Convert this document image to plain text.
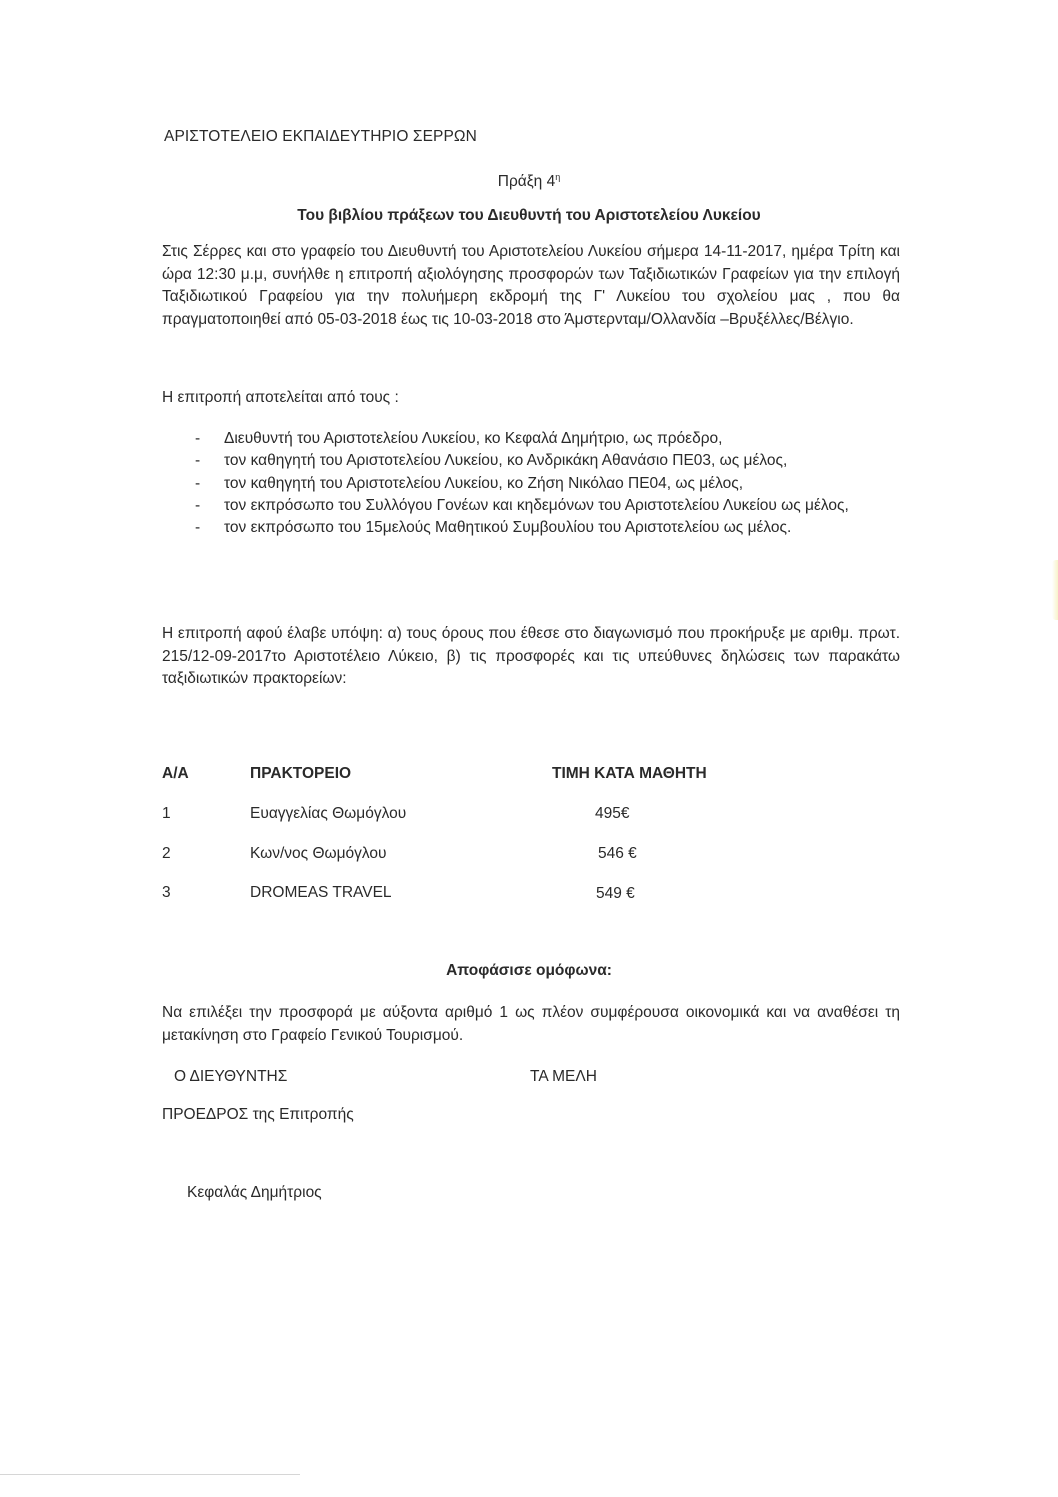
ΑΡΙΣΤΟΤΕΛΕΙΟ ΕΚΠΑΙΔΕΥΤΗΡΙΟ ΣΕΡΡΩΝ
Πράξη $4^\eta$
Του βιβλίου πράξεων του Διευθυντή του Αριστοτελείου Λυκείου
Στις Σέρρες και στο γραφείο του Διευθυντή του Αριστοτελείου Λυκείου σήμερα 14-11-2017, ημέρα Τρίτη και ώρα 12:30 μ.μ, συνήλθε η επιτροπή αξιολόγησης προσφορών των Ταξιδιωτικών Γραφείων για την επιλογή Ταξιδιωτικού Γραφείου για την πολυήμερη εκδρομή της Γ' Λυκείου του σχολείου μας , που θα πραγματοποιηθεί από 05-03-2018 έως τις 10-03-2018 στο Άμστερνταμ/Ολλανδία –Βρυξέλλες/Βέλγιο.
Η επιτροπή αποτελείται από τους :
- Διευθυντή του Αριστοτελείου Λυκείου, κο Κεφαλά Δημήτριο, ως πρόεδρο,
- τον καθηγητή του Αριστοτελείου Λυκείου, κο Ανδρικάκη Αθανάσιο ΠΕ03, ως μέλος,
- τον καθηγητή του Αριστοτελείου Λυκείου, κο Ζήση Νικόλαο ΠΕ04, ως μέλος,
- τον εκπρόσωπο του Συλλόγου Γονέων και κηδεμόνων του Αριστοτελείου Λυκείου ως μέλος,
- τον εκπρόσωπο του 15μελούς Μαθητικού Συμβουλίου του Αριστοτελείου ως μέλος.
Η επιτροπή αφού έλαβε υπόψη: α) τους όρους που έθεσε στο διαγωνισμό που προκήρυξε με αριθμ. πρωτ. 215/12-09-2017το Αριστοτέλειο Λύκειο, β) τις προσφορές και τις υπεύθυνες δηλώσεις των παρακάτω ταξιδιωτικών πρακτορείων:
Α/Α	ΠΡΑΚΤΟΡΕΙΟ	ΤΙΜΗ ΚΑΤΑ ΜΑΘΗΤΗ
1	Ευαγγελίας Θωμόγλου	495€
2	Κων/νος Θωμόγλου	546 €
3	DROMEAS TRAVEL	549 €
Αποφάσισε ομόφωνα:
Να επιλέξει την προσφορά με αύξοντα αριθμό 1 ως πλέον συμφέρουσα οικονομικά και να αναθέσει τη μετακίνηση στο Γραφείο Γενικού Τουρισμού.
Ο ΔΙΕΥΘΥΝΤΗΣ	ΤΑ ΜΕΛΗ
ΠΡΟΕΔΡΟΣ της Επιτροπής
Κεφαλάς Δημήτριος
